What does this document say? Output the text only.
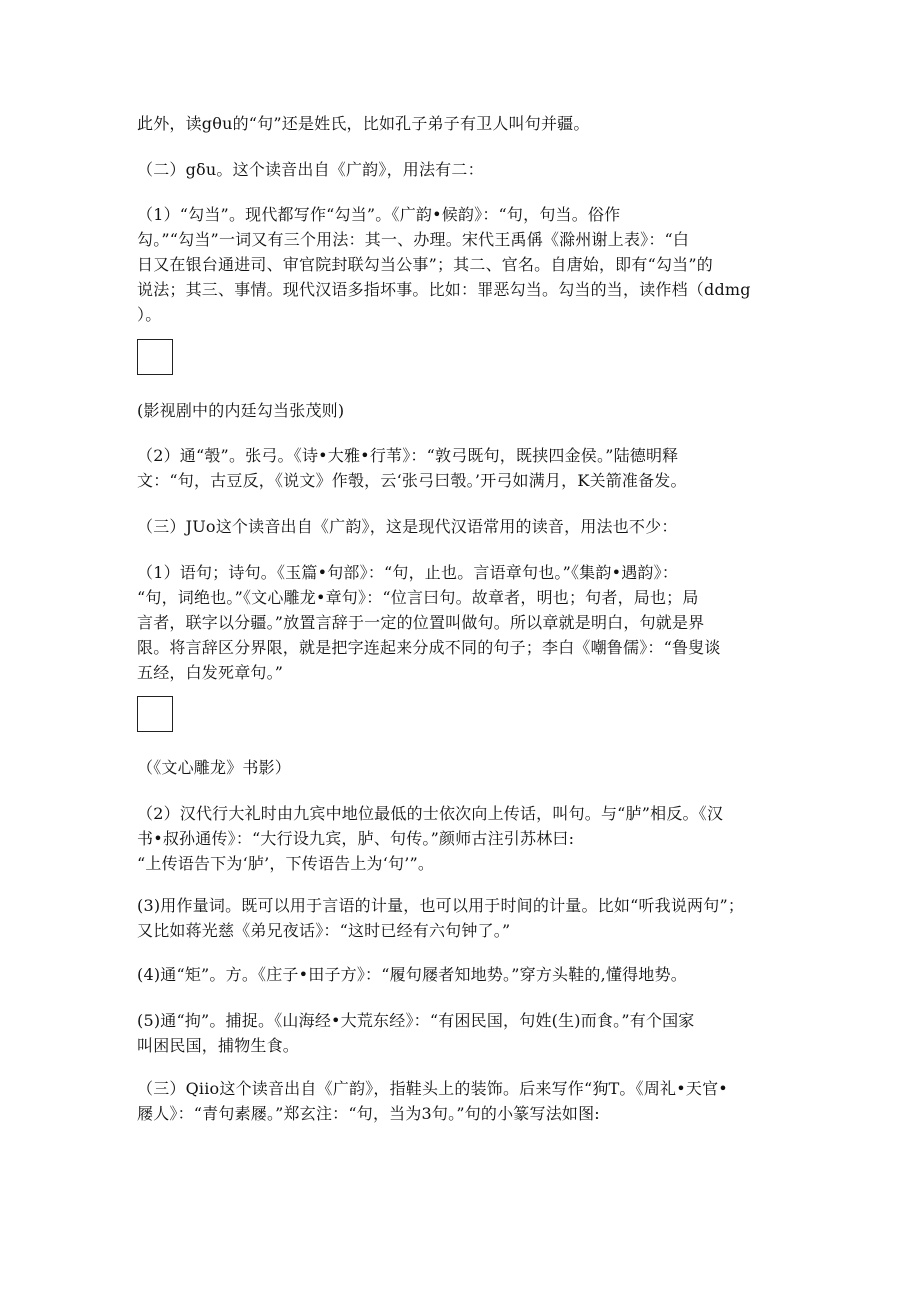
此外，读gθu的“句”还是姓氏，比如孔子弟子有卫人叫句并疆。
（二）gδu。这个读音出自《广韵》，用法有二：
（1）“勾当”。现代都写作“勾当”。《广韵•候韵》：“句，句当。俗作
勾。”“勾当”一词又有三个用法：其一、办理。宋代王禹偁《滁州谢上表》：“白
日又在银台通进司、审官院封联勾当公事”；其二、官名。自唐始，即有“勾当”的
说法；其三、事情。现代汉语多指坏事。比如：罪恶勾当。勾当的当，读作档（ddmg
）。
(影视剧中的内廷勾当张茂则)
（2）通“彀”。张弓。《诗•大雅•行苇》：“敦弓既句，既挟四金侯。”陆德明释
文：“句，古豆反，《说文》作彀，云‘张弓曰彀。’开弓如满月，K关箭准备发。
（三）JUo这个读音出自《广韵》，这是现代汉语常用的读音，用法也不少：
（1）语句；诗句。《玉篇•句部》：“句，止也。言语章句也。”《集韵•遇韵》：
“句，词绝也。”《文心雕龙•章句》：“位言曰句。故章者，明也；句者，局也；局
言者，联字以分疆。”放置言辞于一定的位置叫做句。所以章就是明白，句就是界
限。将言辞区分界限，就是把字连起来分成不同的句子；李白《嘲鲁儒》：“鲁叟谈
五经，白发死章句。”
（《文心雕龙》书影）
（2）汉代行大礼时由九宾中地位最低的士依次向上传话，叫句。与“胪”相反。《汉
书•叔孙通传》：“大行设九宾，胪、句传。”颜师古注引苏林曰:
“上传语告下为‘胪’，下传语告上为‘句’”。
(3)用作量词。既可以用于言语的计量，也可以用于时间的计量。比如“听我说两句”；
又比如蒋光慈《弟兄夜话》：“这时已经有六句钟了。”
(4)通“矩”。方。《庄子•田子方》：“履句屦者知地势。”穿方头鞋的,懂得地势。
(5)通“拘”。捕捉。《山海经•大荒东经》：“有困民国，句姓(生)而食。”有个国家
叫困民国，捕物生食。
（三）Qiio这个读音出自《广韵》，指鞋头上的装饰。后来写作“狗T。《周礼•天官•
屦人》：“青句素屦。”郑玄注：“句，当为3句。”句的小篆写法如图:
